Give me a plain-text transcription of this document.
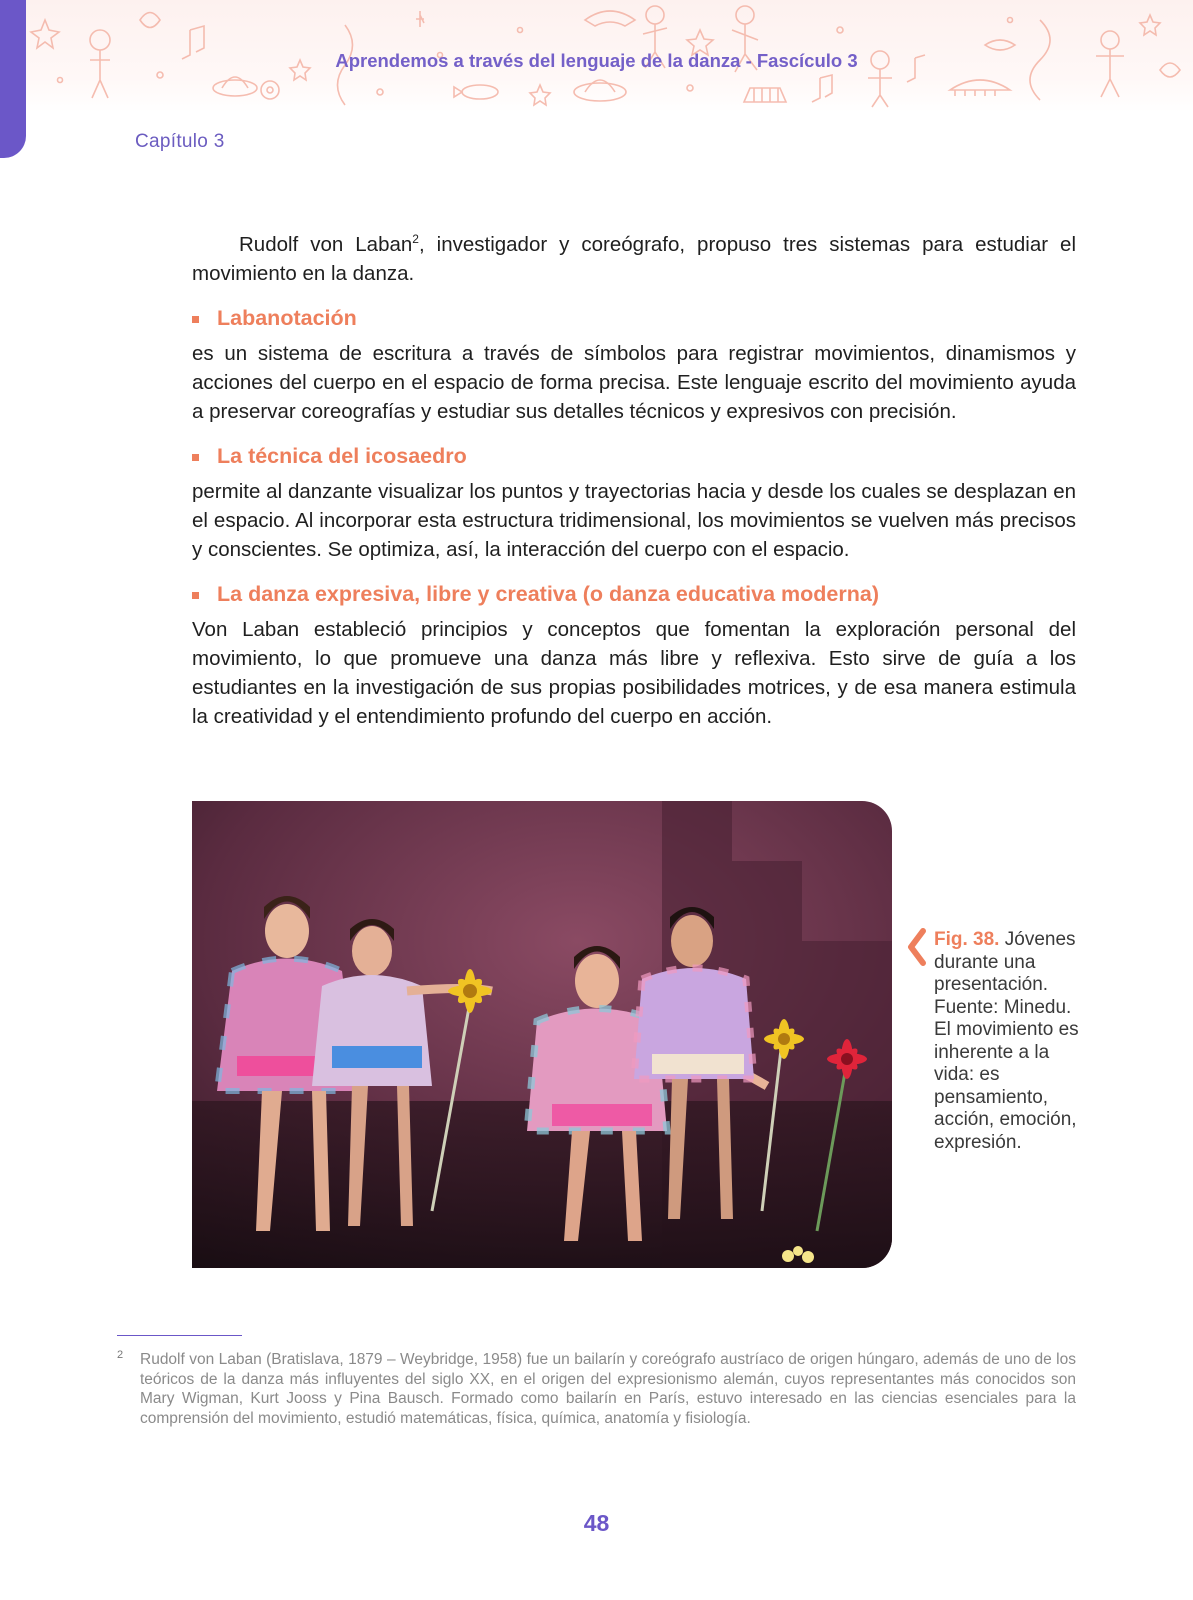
Aprendemos a través del lenguaje de la danza - Fascículo 3
Capítulo 3

Rudolf von Laban$^2$, investigador y coreógrafo, propuso tres sistemas para estudiar el movimiento en la danza.

Labanotación

es un sistema de escritura a través de símbolos para registrar movimientos, dinamismos y acciones del cuerpo en el espacio de forma precisa. Este lenguaje escrito del movimiento ayuda a preservar coreografías y estudiar sus detalles técnicos y expresivos con precisión.

La técnica del icosaedro

permite al danzante visualizar los puntos y trayectorias hacia y desde los cuales se desplazan en el espacio. Al incorporar esta estructura tridimensional, los movimientos se vuelven más precisos y conscientes. Se optimiza, así, la interacción del cuerpo con el espacio.

La danza expresiva, libre y creativa (o danza educativa moderna)

Von Laban estableció principios y conceptos que fomentan la exploración personal del movimiento, lo que promueve una danza más libre y reflexiva. Esto sirve de guía a los estudiantes en la investigación de sus propias posibilidades motrices, y de esa manera estimula la creatividad y el entendimiento profundo del cuerpo en acción.

Fig. 38. Jóvenes durante una presentación. Fuente: Minedu. El movimiento es inherente a la vida: es pensamiento, acción, emoción, expresión.
2 Rudolf von Laban (Bratislava, 1879 – Weybridge, 1958) fue un bailarín y coreógrafo austríaco de origen húngaro, además de uno de los teóricos de la danza más influyentes del siglo XX, en el origen del expresionismo alemán, cuyos representantes más conocidos son Mary Wigman, Kurt Jooss y Pina Bausch. Formado como bailarín en París, estuvo interesado en las ciencias esenciales para la comprensión del movimiento, estudió matemáticas, física, química, anatomía y fisiología.
48
